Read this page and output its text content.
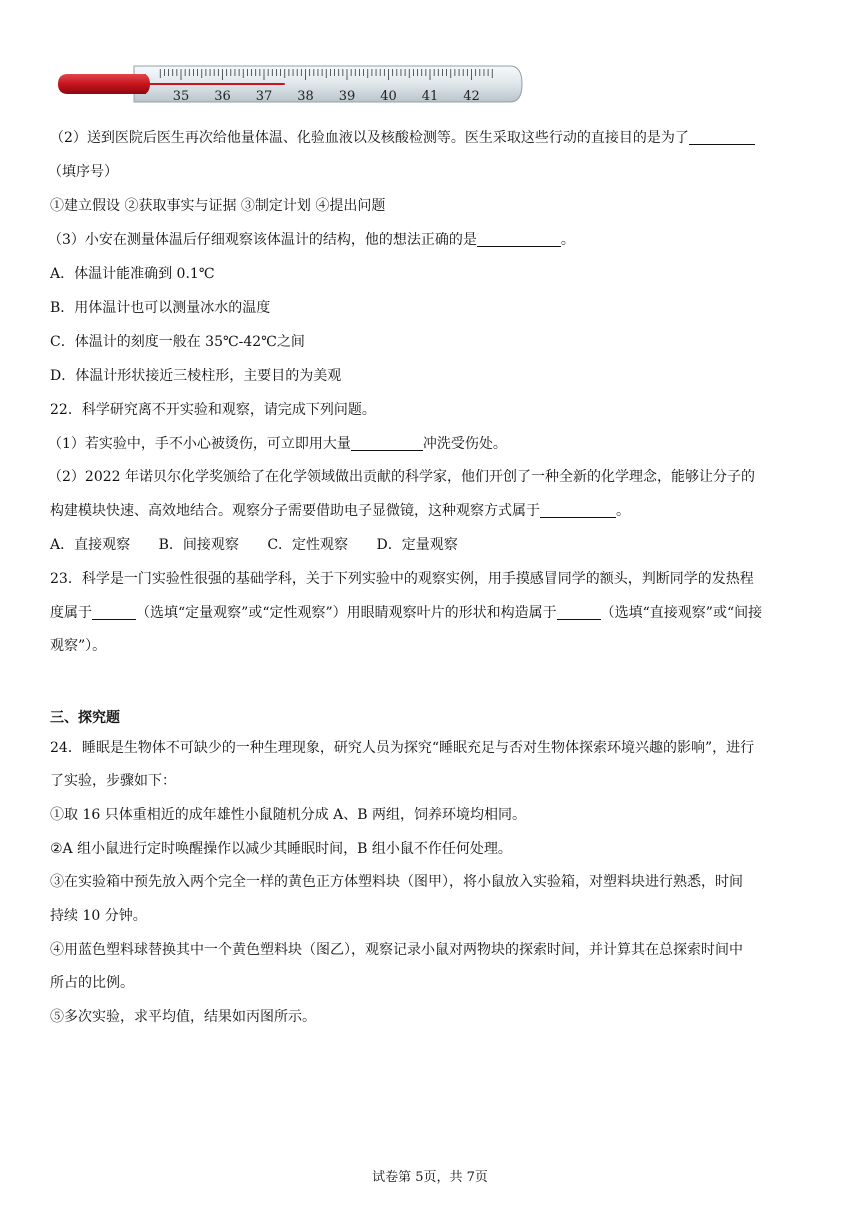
35 36 37 38 39 40 41 42
（2）送到医院后医生再次给他量体温、化验血液以及核酸检测等。医生采取这些行动的直接目的是为了
（填序号）
①建立假设 ②获取事实与证据 ③制定计划 ④提出问题
（3）小安在测量体温后仔细观察该体温计的结构，他的想法正确的是	。
A．体温计能准确到 0.1℃
B．用体温计也可以测量冰水的温度
C．体温计的刻度一般在 35℃-42℃之间
D．体温计形状接近三棱柱形，主要目的为美观
22．科学研究离不开实验和观察，请完成下列问题。
（1）若实验中，手不小心被烫伤，可立即用大量	冲洗受伤处。
（2）2022 年诺贝尔化学奖颁给了在化学领域做出贡献的科学家，他们开创了一种全新的化学理念，能够让分子的
构建模块快速、高效地结合。观察分子需要借助电子显微镜，这种观察方式属于	。
A．直接观察 B．间接观察 C．定性观察 D．定量观察
23．科学是一门实验性很强的基础学科，关于下列实验中的观察实例，用手摸感冒同学的额头，判断同学的发热程
度属于	（选填“定量观察”或“定性观察”）用眼睛观察叶片的形状和构造属于	（选填“直接观察”或“间接
观察”）。
三、探究题
24．睡眠是生物体不可缺少的一种生理现象，研究人员为探究“睡眠充足与否对生物体探索环境兴趣的影响”，进行
了实验，步骤如下：
①取 16 只体重相近的成年雄性小鼠随机分成 A、B 两组，饲养环境均相同。
②A 组小鼠进行定时唤醒操作以减少其睡眠时间，B 组小鼠不作任何处理。
③在实验箱中预先放入两个完全一样的黄色正方体塑料块（图甲），将小鼠放入实验箱，对塑料块进行熟悉，时间
持续 10 分钟。
④用蓝色塑料球替换其中一个黄色塑料块（图乙），观察记录小鼠对两物块的探索时间，并计算其在总探索时间中
所占的比例。
⑤多次实验，求平均值，结果如丙图所示。
试卷第 5页，共 7页
